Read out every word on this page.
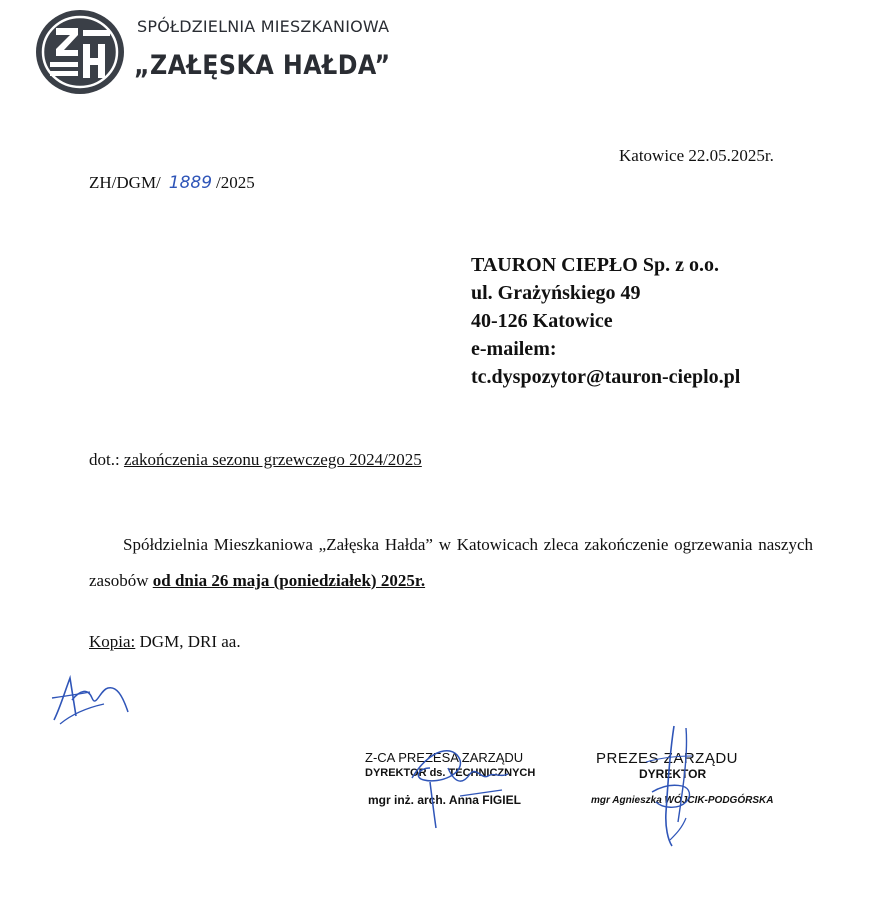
SPÓŁDZIELNIA MIESZKANIOWA
„ZAŁĘSKA HAŁDA”
Katowice 22.05.2025r.
ZH/DGM/ 1889 /2025
TAURON CIEPŁO Sp. z o.o.
ul. Grażyńskiego 49
40-126 Katowice
e-mailem:
tc.dyspozytor@tauron-cieplo.pl
dot.: zakończenia sezonu grzewczego 2024/2025
Spółdzielnia Mieszkaniowa „Załęska Hałda” w Katowicach zleca zakończenie ogrzewania naszych zasobów od dnia 26 maja (poniedziałek) 2025r.
Kopia: DGM, DRI aa.
Z-CA PREZESA ZARZĄDU
DYREKTOR ds. TECHNICZNYCH
mgr inż. arch. Anna FIGIEL
PREZES ZARZĄDU
DYREKTOR
mgr Agnieszka WÓJCIK-PODGÓRSKA
